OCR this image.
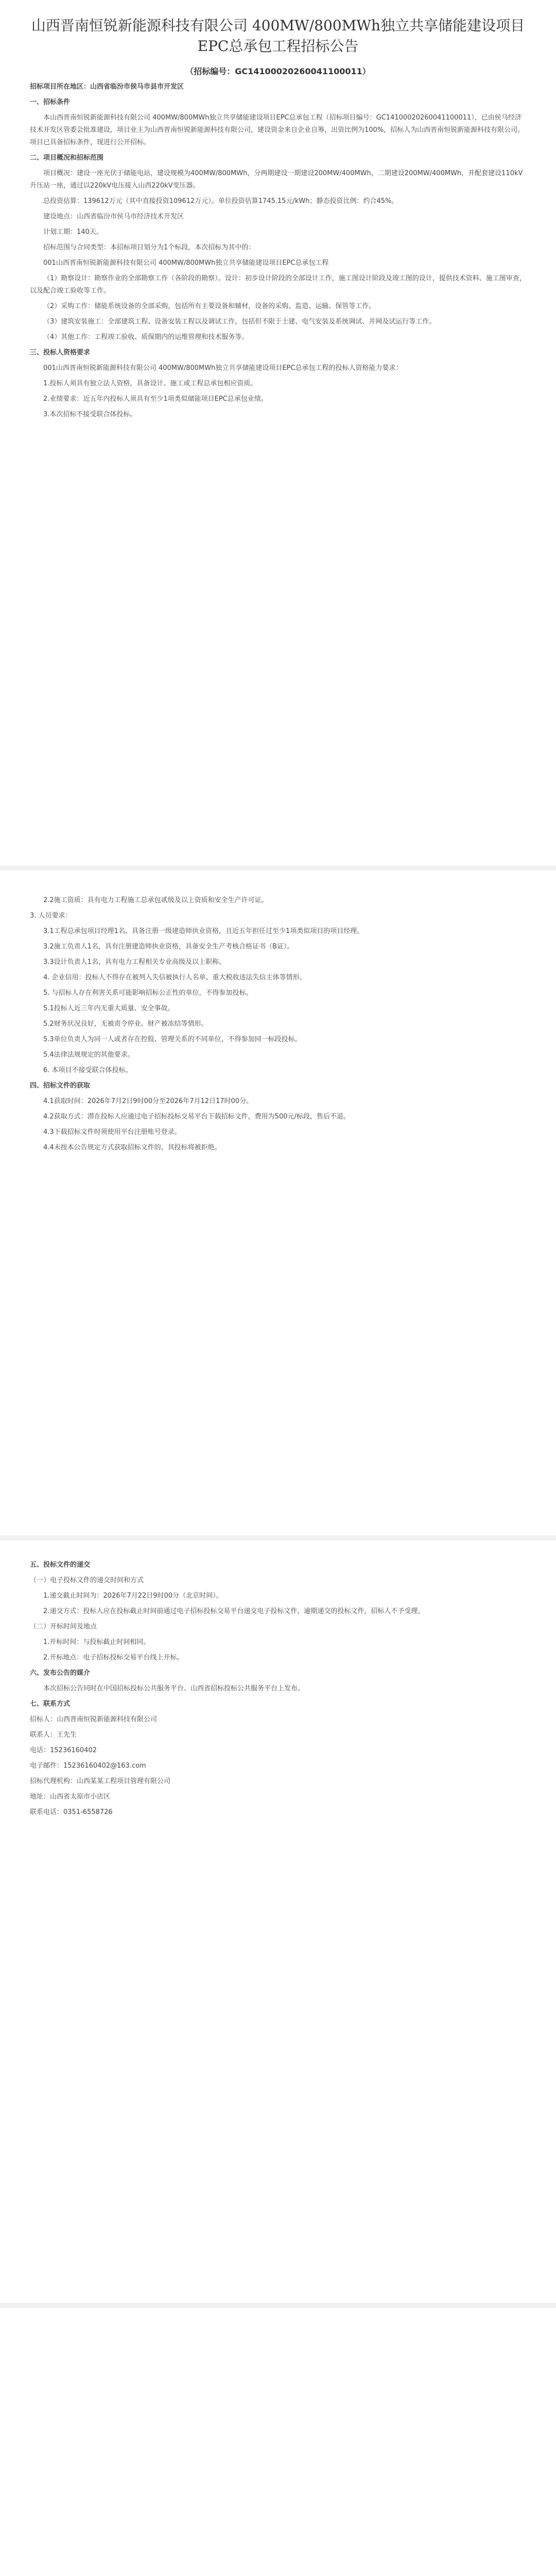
山西晋南恒锐新能源科技有限公司 400MW/800MWh独立共享储能建设项目EPC总承包工程招标公告
（招标编号：GC14100020260041100011）

招标项目所在地区：山西省临汾市侯马市县市开发区

一、招标条件

本山西晋南恒锐新能源科技有限公司 400MW/800MWh独立共享储能建设项目EPC总承包工程（招标项目编号：GC14100020260041100011），已由侯马经济技术开发区管委会批准建设，项目业主为山西晋南恒锐新能源科技有限公司，建设资金来自企业自筹，出资比例为100%，招标人为山西晋南恒锐新能源科技有限公司。项目已具备招标条件，现进行公开招标。

二、项目概况和招标范围

项目概况：建设一座光伏于储能电站，建设规模为400MW/800MWh，分两期建设一期建设200MW/400MWh，二期建设200MW/400MWh，并配套建设110kV升压站一座，通过以220kV电压接入山西220kV变压器。

总投资估算：139612万元（其中直接投资109612万元）。单位投资估算1745.15元/kWh；静态投资比例：约合45%。

建设地点：山西省临汾市侯马市经济技术开发区

计划工期：140天。

招标范围与合同类型：本招标项目划分为1个标段，本次招标为其中的：

001山西晋南恒锐新能源科技有限公司 400MW/800MWh独立共享储能建设项目EPC总承包工程

（1）勘察设计：勘察作业的全部勘察工作（各阶段的勘察）。设计：初步设计阶段的全部设计工作，施工图设计阶段及竣工图的设计，提供技术资料、施工图审查，以及配合竣工验收等工作。

（2）采购工作：储能系统设备的全部采购，包括所有主要设备和辅材，设备的采购、监造、运输、保管等工作。

（3）建筑安装施工：全部建筑工程、设备安装工程以及调试工作，包括但不限于土建、电气安装及系统调试、并网及试运行等工作。

（4）其他工作：工程竣工验收、质保期内的运维管理和技术服务等。

三、投标人资格要求

001山西晋南恒锐新能源科技有限公司 400MW/800MWh独立共享储能建设项目EPC总承包工程的投标人资格能力要求：

1.投标人须具有独立法人资格，具备设计、施工或工程总承包相应资质。

2.业绩要求：近五年内投标人须具有至少1项类似储能项目EPC总承包业绩。

3.本次招标不接受联合体投标。

2.2施工资质：具有电力工程施工总承包贰级及以上资质和安全生产许可证。

3. 人员要求：

3.1工程总承包项目经理1名，具备注册一级建造师执业资格，且近五年担任过至少1项类似项目的项目经理。

3.2施工负责人1名，具有注册建造师执业资格，具备安全生产考核合格证书（B证）。

3.3设计负责人1名，具有电力工程相关专业高级及以上职称。

4. 企业信用：投标人不得存在被列入失信被执行人名单、重大税收违法失信主体等情形。

5. 与招标人存在利害关系可能影响招标公正性的单位，不得参加投标。

5.1投标人近三年内无重大质量、安全事故。

5.2财务状况良好，无被责令停业、财产被冻结等情形。

5.3单位负责人为同一人或者存在控股、管理关系的不同单位，不得参加同一标段投标。

5.4法律法规规定的其他要求。

6. 本项目不接受联合体投标。

四、招标文件的获取

4.1获取时间：2026年7月2日9时00分至2026年7月12日17时00分。

4.2获取方式：潜在投标人应通过电子招标投标交易平台下载招标文件，费用为500元/标段，售后不退。

4.3下载招标文件时须使用平台注册账号登录。

4.4未按本公告规定方式获取招标文件的，其投标将被拒绝。

五、投标文件的递交

（一）电子投标文件的递交时间和方式

1.递交截止时间为：2026年7月22日9时00分（北京时间）。

2.递交方式：投标人应在投标截止时间前通过电子招标投标交易平台递交电子投标文件，逾期递交的投标文件，招标人不予受理。

（二）开标时间及地点

1.开标时间：与投标截止时间相同。

2.开标地点：电子招标投标交易平台线上开标。

六、发布公告的媒介

本次招标公告同时在中国招标投标公共服务平台、山西省招标投标公共服务平台上发布。

七、联系方式

招标人：山西晋南恒锐新能源科技有限公司

联系人：王先生

电话：15236160402

电子邮件：15236160402@163.com

招标代理机构：山西某某工程项目管理有限公司

地址：山西省太原市小店区

联系电话：0351-6558726
